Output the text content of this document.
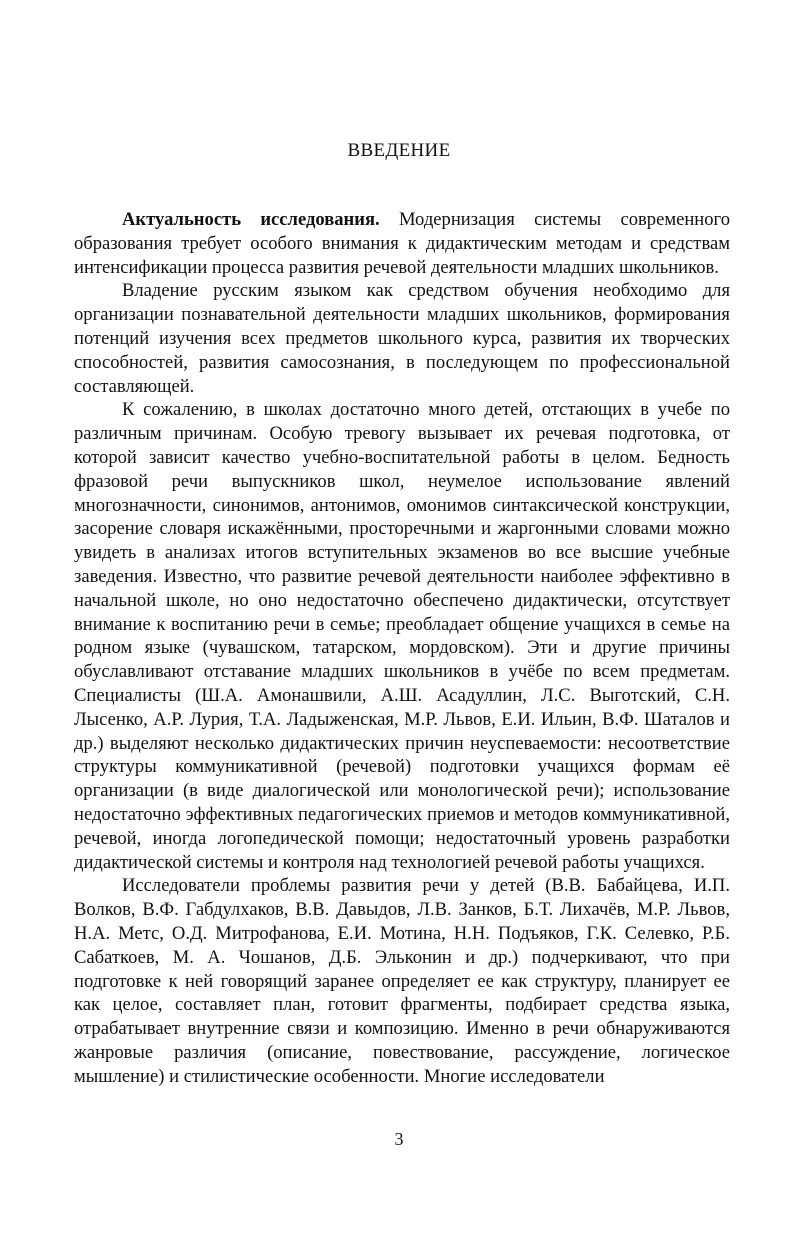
ВВЕДЕНИЕ

Актуальность исследования. Модернизация системы современного образования требует особого внимания к дидактическим методам и средствам интенсификации процесса развития речевой деятельности младших школьников.

Владение русским языком как средством обучения необходимо для организации познавательной деятельности младших школьников, формирования потенций изучения всех предметов школьного курса, развития их творческих способностей, развития самосознания, в последующем по профессиональной составляющей.

К сожалению, в школах достаточно много детей, отстающих в учебе по различным причинам. Особую тревогу вызывает их речевая подготовка, от которой зависит качество учебно-воспитательной работы в целом. Бедность фразовой речи выпускников школ, неумелое использование явлений многозначности, синонимов, антонимов, омонимов синтаксической конструкции, засорение словаря искажёнными, просторечными и жаргонными словами можно увидеть в анализах итогов вступительных экзаменов во все высшие учебные заведения. Известно, что развитие речевой деятельности наиболее эффективно в начальной школе, но оно недостаточно обеспечено дидактически, отсутствует внимание к воспитанию речи в семье; преобладает общение учащихся в семье на родном языке (чувашском, татарском, мордовском). Эти и другие причины обуславливают отставание младших школьников в учёбе по всем предметам. Специалисты (Ш.А. Амонашвили, А.Ш. Асадуллин, Л.С. Выготский, С.Н. Лысенко, А.Р. Лурия, Т.А. Ладыженская, М.Р. Львов, Е.И. Ильин, В.Ф. Шаталов и др.) выделяют несколько дидактических причин неуспеваемости: несоответствие структуры коммуникативной (речевой) подготовки учащихся формам её организации (в виде диалогической или монологической речи); использование недостаточно эффективных педагогических приемов и методов коммуникативной, речевой, иногда логопедической помощи; недостаточный уровень разработки дидактической системы и контроля над технологией речевой работы учащихся.

Исследователи проблемы развития речи у детей (В.В. Бабайцева, И.П. Волков, В.Ф. Габдулхаков, В.В. Давыдов, Л.В. Занков, Б.Т. Лихачёв, М.Р. Львов, Н.А. Метс, О.Д. Митрофанова, Е.И. Мотина, Н.Н. Подъяков, Г.К. Селевко, Р.Б. Сабаткоев, М. А. Чошанов, Д.Б. Эльконин и др.) подчеркивают, что при подготовке к ней говорящий заранее определяет ее как структуру, планирует ее как целое, составляет план, готовит фрагменты, подбирает средства языка, отрабатывает внутренние связи и композицию. Именно в речи обнаруживаются жанровые различия (описание, повествование, рассуждение, логическое мышление) и стилистические особенности. Многие исследователи

3
